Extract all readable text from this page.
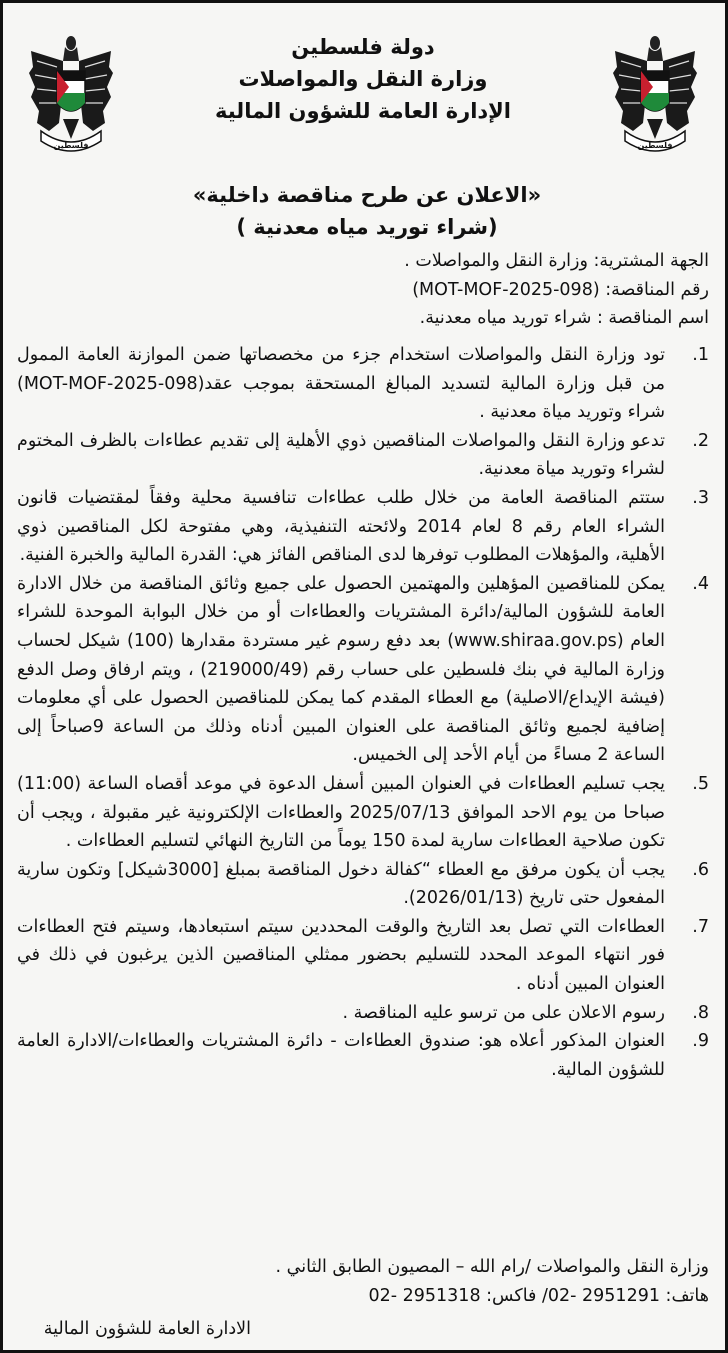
فلسطين
فلسطين
دولة فلسطين
وزارة النقل والمواصلات
الإدارة العامة للشؤون المالية
«الاعلان عن طرح مناقصة داخلية»
(شراء توريد مياه معدنية )
الجهة المشترية: وزارة النقل والمواصلات .
رقم المناقصة: (MOT-MOF-2025-098)
اسم المناقصة : شراء توريد مياه معدنية.
1.
تود وزارة النقل والمواصلات استخدام جزء من مخصصاتها ضمن الموازنة العامة الممول من قبل وزارة المالية لتسديد المبالغ المستحقة بموجب عقد(MOT-MOF-2025-098) شراء وتوريد مياة معدنية .
2.
تدعو وزارة النقل والمواصلات المناقصين ذوي الأهلية إلى تقديم عطاءات بالظرف المختوم لشراء وتوريد مياة معدنية.
3.
ستتم المناقصة العامة من خلال طلب عطاءات تنافسية محلية وفقاً لمقتضيات قانون الشراء العام رقم 8 لعام 2014 ولائحته التنفيذية، وهي مفتوحة لكل المناقصين ذوي الأهلية، والمؤهلات المطلوب توفرها لدى المناقص الفائز هي: القدرة المالية والخبرة الفنية.
4.
يمكن للمناقصين المؤهلين والمهتمين الحصول على جميع وثائق المناقصة من خلال الادارة العامة للشؤون المالية/دائرة المشتريات والعطاءات أو من خلال البوابة الموحدة للشراء العام (www.shiraa.gov.ps) بعد دفع رسوم غير مستردة مقدارها (100) شيكل لحساب وزارة المالية في بنك فلسطين على حساب رقم (219000/49) ، ويتم ارفاق وصل الدفع (فيشة الإيداع/الاصلية) مع العطاء المقدم كما يمكن للمناقصين الحصول على أي معلومات إضافية لجميع وثائق المناقصة على العنوان المبين أدناه وذلك من الساعة 9صباحاً إلى الساعة 2 مساءً من أيام الأحد إلى الخميس.
5.
يجب تسليم العطاءات في العنوان المبين أسفل الدعوة في موعد أقصاه الساعة (11:00) صباحا من يوم الاحد الموافق 2025/07/13 والعطاءات الإلكترونية غير مقبولة ، ويجب أن تكون صلاحية العطاءات سارية لمدة 150 يوماً من التاريخ النهائي لتسليم العطاءات .
6.
يجب أن يكون مرفق مع العطاء “كفالة دخول المناقصة بمبلغ [3000شيكل] وتكون سارية المفعول حتى تاريخ (2026/01/13).
7.
العطاءات التي تصل بعد التاريخ والوقت المحددين سيتم استبعادها، وسيتم فتح العطاءات فور انتهاء الموعد المحدد للتسليم بحضور ممثلي المناقصين الذين يرغبون في ذلك في العنوان المبين أدناه .
8.
رسوم الاعلان على من ترسو عليه المناقصة .
9.
العنوان المذكور أعلاه هو: صندوق العطاءات - دائرة المشتريات والعطاءات/الادارة العامة للشؤون المالية.
وزارة النقل والمواصلات /رام الله – المصيون الطابق الثاني .
هاتف: 2951291 -02/ فاكس: 2951318 -02
الادارة العامة للشؤون المالية
